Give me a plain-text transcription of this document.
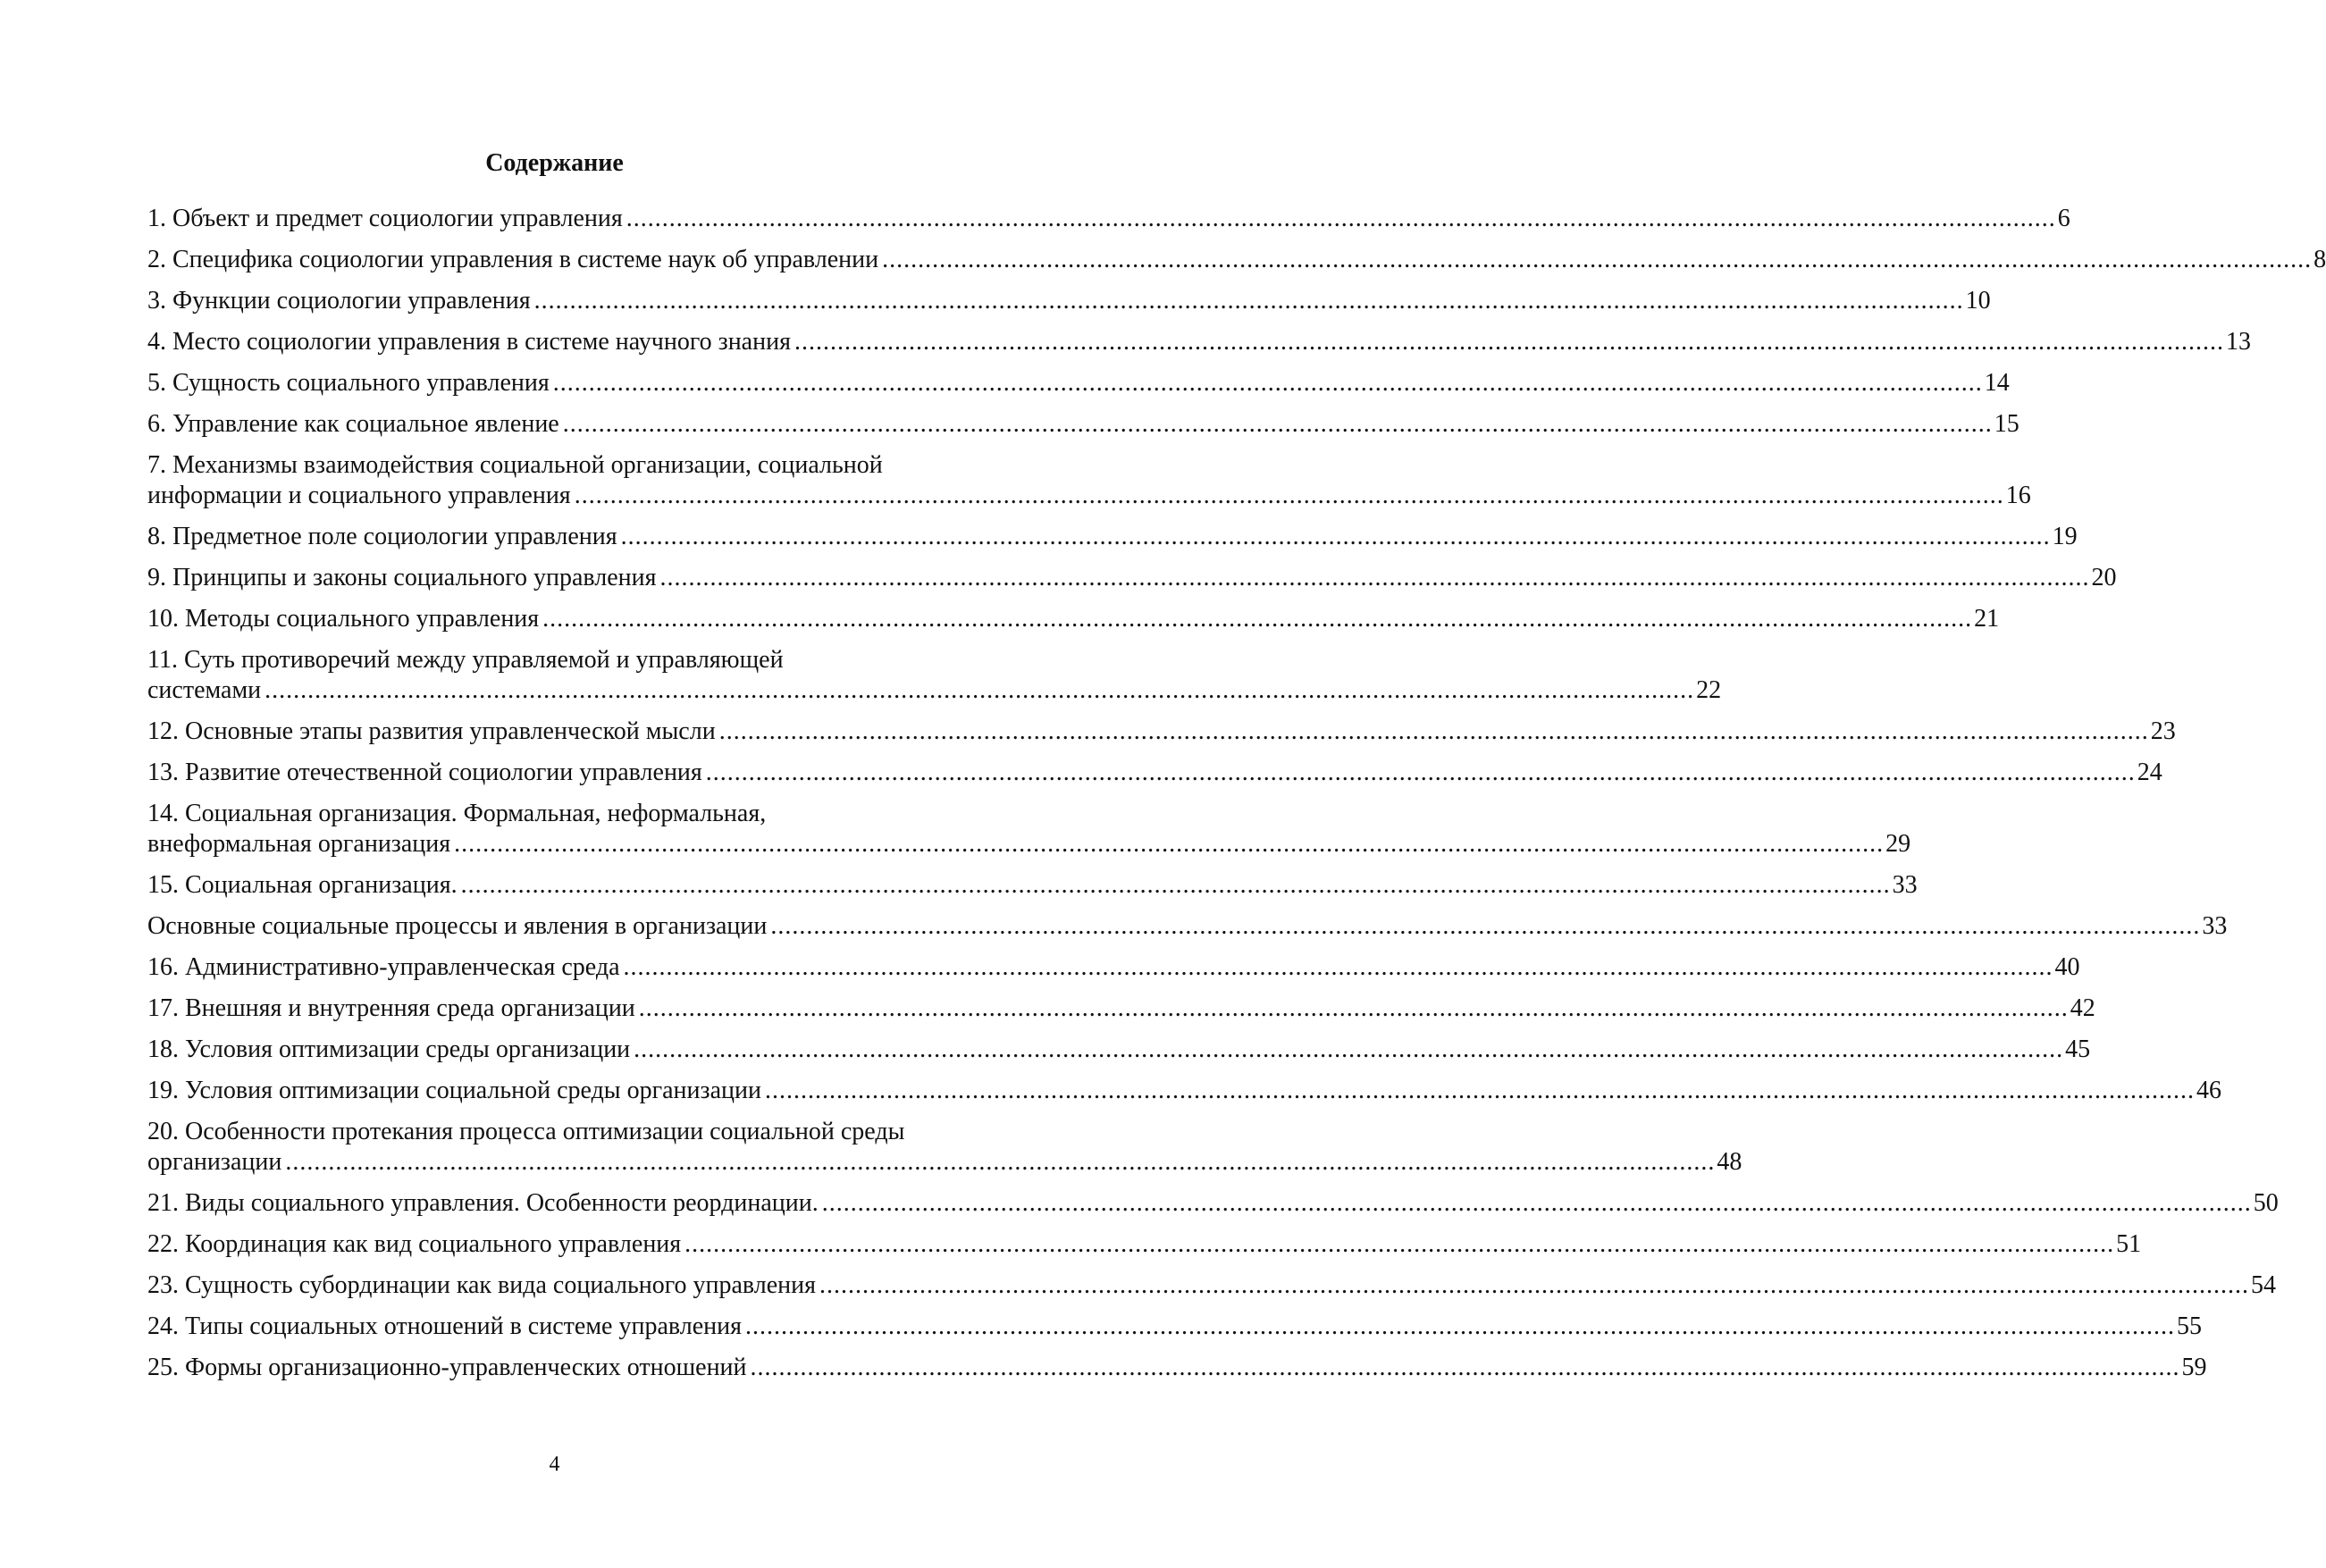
Содержание
1. Объект и предмет социологии управления ........................................................................................................................................................................................................ 6
2. Специфика социологии управления в системе наук об управлении ........................................................................................................................................................................................................ 8
3. Функции социологии управления ........................................................................................................................................................................................................ 10
4. Место социологии управления в системе научного знания ........................................................................................................................................................................................................ 13
5. Сущность социального управления ........................................................................................................................................................................................................ 14
6. Управление как социальное явление ........................................................................................................................................................................................................ 15
7. Механизмы взаимодействия социальной организации, социальной
информации и социального управления ........................................................................................................................................................................................................ 16
8. Предметное поле социологии управления ........................................................................................................................................................................................................ 19
9. Принципы и законы социального управления ........................................................................................................................................................................................................ 20
10. Методы социального управления ........................................................................................................................................................................................................ 21
11. Суть противоречий между управляемой и управляющей
системами ........................................................................................................................................................................................................ 22
12. Основные этапы развития управленческой мысли ........................................................................................................................................................................................................ 23
13. Развитие отечественной социологии управления ........................................................................................................................................................................................................ 24
14. Социальная организация. Формальная, неформальная,
внеформальная организация ........................................................................................................................................................................................................ 29
15. Социальная организация. ........................................................................................................................................................................................................ 33
Основные социальные процессы и явления в организации ........................................................................................................................................................................................................ 33
16. Административно-управленческая среда ........................................................................................................................................................................................................ 40
17. Внешняя и внутренняя среда организации ........................................................................................................................................................................................................ 42
18. Условия оптимизации среды организации ........................................................................................................................................................................................................ 45
19. Условия оптимизации социальной среды организации ........................................................................................................................................................................................................ 46
20. Особенности протекания процесса оптимизации социальной среды
организации ........................................................................................................................................................................................................ 48
21. Виды социального управления. Особенности реординации. ........................................................................................................................................................................................................ 50
22. Координация как вид социального управления ........................................................................................................................................................................................................ 51
23. Сущность субординации как вида социального управления ........................................................................................................................................................................................................ 54
24. Типы социальных отношений в системе управления ........................................................................................................................................................................................................ 55
25. Формы организационно-управленческих отношений ........................................................................................................................................................................................................ 59
4
